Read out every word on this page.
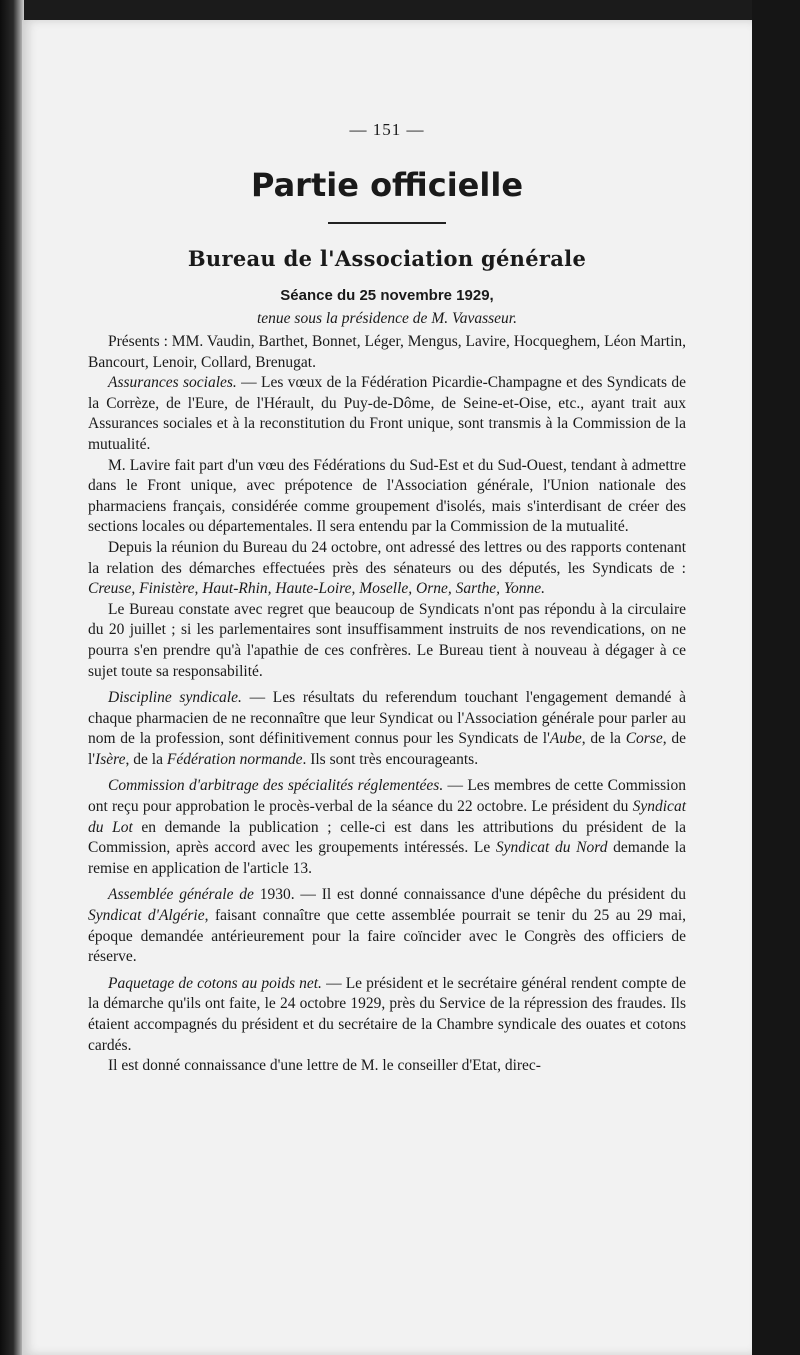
— 151 —

Partie officielle
Bureau de l'Association générale

Séance du 25 novembre 1929,

tenue sous la présidence de M. Vavasseur.

Présents : MM. Vaudin, Barthet, Bonnet, Léger, Mengus, Lavire, Hocqueghem, Léon Martin, Bancourt, Lenoir, Collard, Brenugat.

Assurances sociales. — Les vœux de la Fédération Picardie-Champagne et des Syndicats de la Corrèze, de l'Eure, de l'Hérault, du Puy-de-Dôme, de Seine-et-Oise, etc., ayant trait aux Assurances sociales et à la reconstitution du Front unique, sont transmis à la Commission de la mutualité.

M. Lavire fait part d'un vœu des Fédérations du Sud-Est et du Sud-Ouest, tendant à admettre dans le Front unique, avec prépotence de l'Association générale, l'Union nationale des pharmaciens français, considérée comme groupement d'isolés, mais s'interdisant de créer des sections locales ou départementales. Il sera entendu par la Commission de la mutualité.

Depuis la réunion du Bureau du 24 octobre, ont adressé des lettres ou des rapports contenant la relation des démarches effectuées près des sénateurs ou des députés, les Syndicats de : Creuse, Finistère, Haut-Rhin, Haute-Loire, Moselle, Orne, Sarthe, Yonne.

Le Bureau constate avec regret que beaucoup de Syndicats n'ont pas répondu à la circulaire du 20 juillet ; si les parlementaires sont insuffisamment instruits de nos revendications, on ne pourra s'en prendre qu'à l'apathie de ces confrères. Le Bureau tient à nouveau à dégager à ce sujet toute sa responsabilité.

Discipline syndicale. — Les résultats du referendum touchant l'engagement demandé à chaque pharmacien de ne reconnaître que leur Syndicat ou l'Association générale pour parler au nom de la profession, sont définitivement connus pour les Syndicats de l'Aube, de la Corse, de l'Isère, de la Fédération normande. Ils sont très encourageants.

Commission d'arbitrage des spécialités réglementées. — Les membres de cette Commission ont reçu pour approbation le procès-verbal de la séance du 22 octobre. Le président du Syndicat du Lot en demande la publication ; celle-ci est dans les attributions du président de la Commission, après accord avec les groupements intéressés. Le Syndicat du Nord demande la remise en application de l'article 13.

Assemblée générale de 1930. — Il est donné connaissance d'une dépêche du président du Syndicat d'Algérie, faisant connaître que cette assemblée pourrait se tenir du 25 au 29 mai, époque demandée antérieurement pour la faire coïncider avec le Congrès des officiers de réserve.

Paquetage de cotons au poids net. — Le président et le secrétaire général rendent compte de la démarche qu'ils ont faite, le 24 octobre 1929, près du Service de la répression des fraudes. Ils étaient accompagnés du président et du secrétaire de la Chambre syndicale des ouates et cotons cardés.

Il est donné connaissance d'une lettre de M. le conseiller d'Etat, direc-
